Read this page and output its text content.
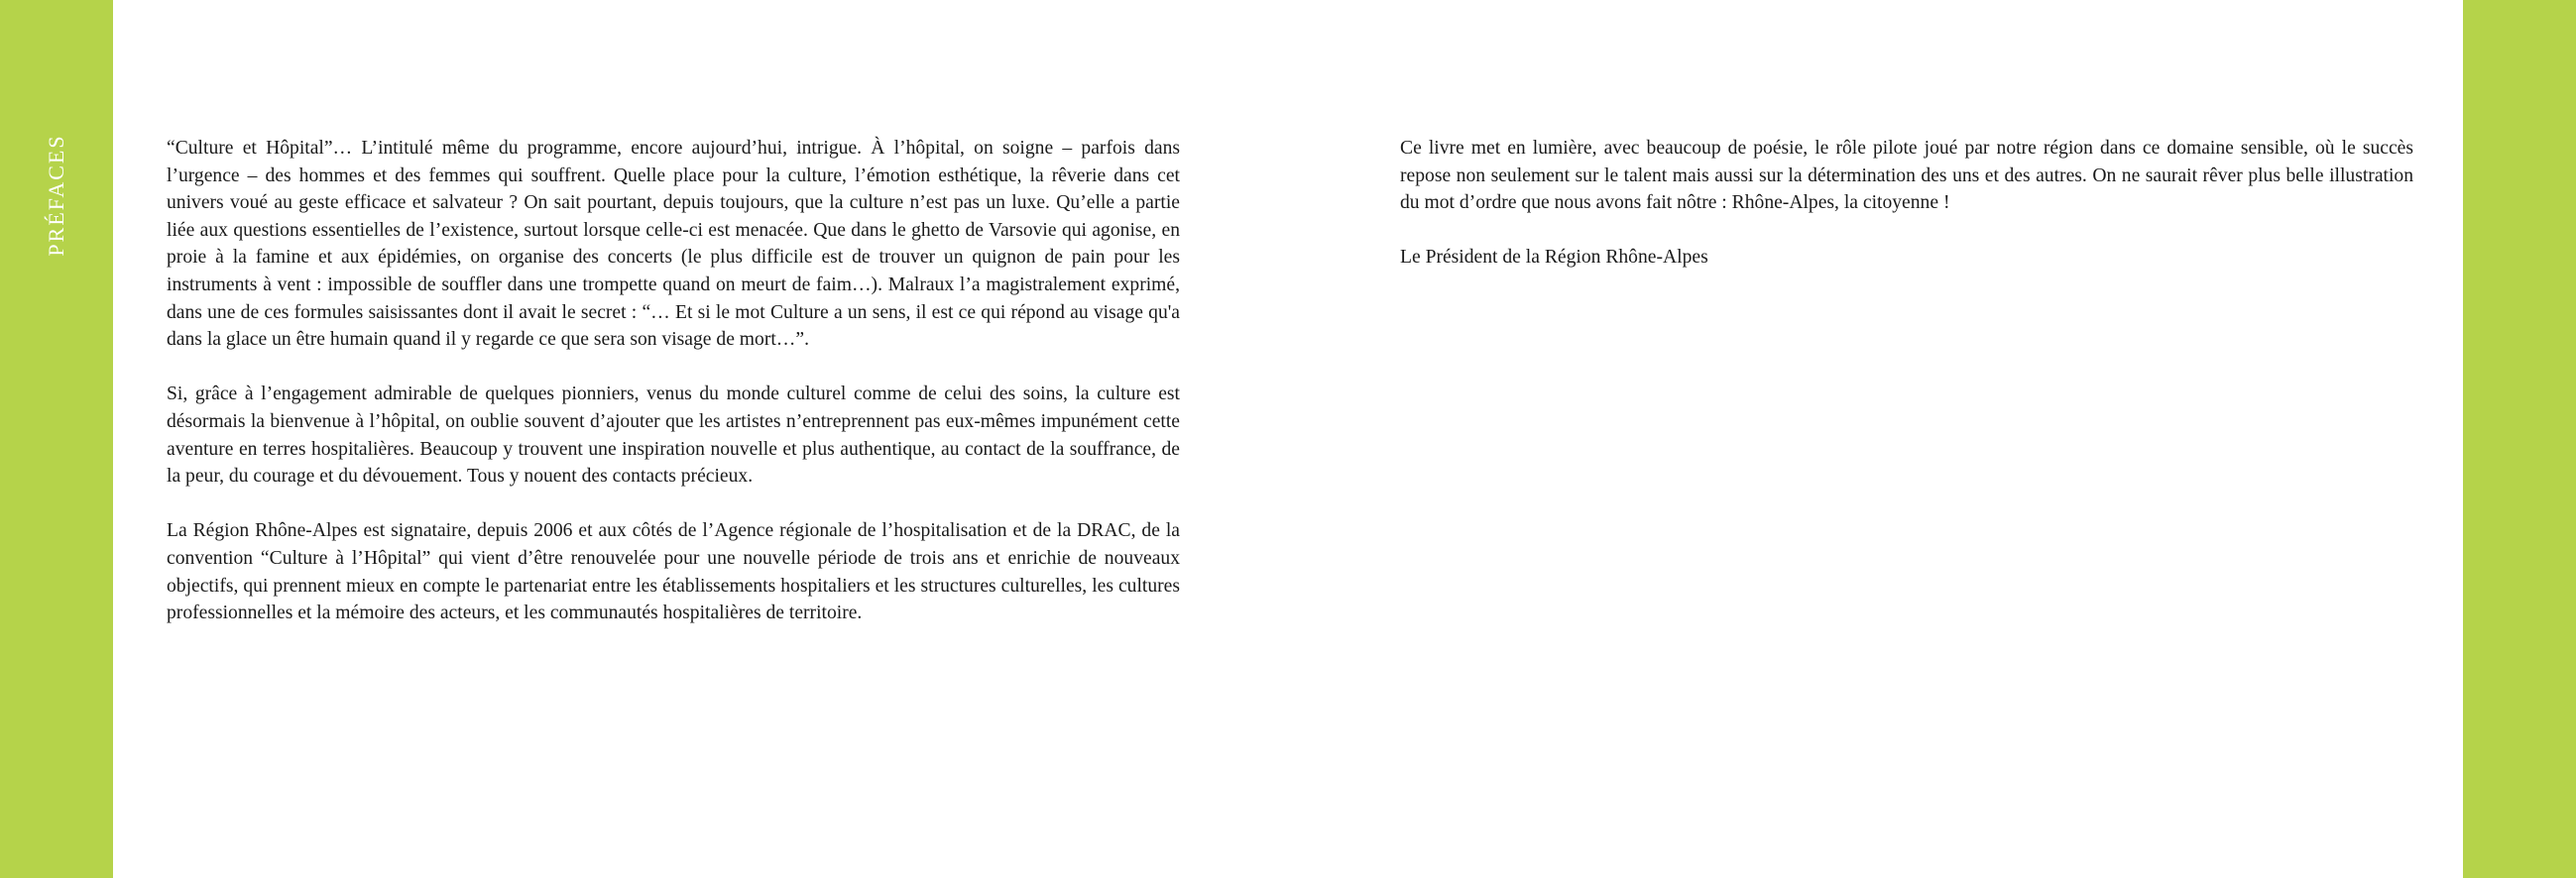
PRÉFACES	“Culture et Hôpital”… L’intitulé même du programme, encore aujourd’hui, intrigue. À l’hôpital, on soigne – parfois dans l’urgence – des hommes et des femmes qui souffrent. Quelle place pour la culture, l’émotion esthétique, la rêverie dans cet univers voué au geste efficace et salvateur ? On sait pourtant, depuis toujours, que la culture n’est pas un luxe. Qu’elle a partie liée aux questions essentielles de l’existence, surtout lorsque celle-ci est menacée. Que dans le ghetto de Varsovie qui agonise, en proie à la famine et aux épidémies, on organise des concerts (le plus difficile est de trouver un quignon de pain pour les instruments à vent : impossible de souffler dans une trompette quand on meurt de faim…). Malraux l’a magistralement exprimé, dans une de ces formules saisissantes dont il avait le secret : “… Et si le mot Culture a un sens, il est ce qui répond au visage qu'a dans la glace un être humain quand il y regarde ce que sera son visage de mort…”.

Si, grâce à l’engagement admirable de quelques pionniers, venus du monde culturel comme de celui des soins, la culture est désormais la bienvenue à l’hôpital, on oublie souvent d’ajouter que les artistes n’entreprennent pas eux-mêmes impunément cette aventure en terres hospitalières. Beaucoup y trouvent une inspiration nouvelle et plus authentique, au contact de la souffrance, de la peur, du courage et du dévouement. Tous y nouent des contacts précieux.

La Région Rhône-Alpes est signataire, depuis 2006 et aux côtés de l’Agence régionale de l’hospitalisation et de la DRAC, de la convention “Culture à l’Hôpital” qui vient d’être renouvelée pour une nouvelle période de trois ans et enrichie de nouveaux objectifs, qui prennent mieux en compte le partenariat entre les établissements hospitaliers et les structures culturelles, les cultures professionnelles et la mémoire des acteurs, et les communautés hospitalières de territoire.

Ce livre met en lumière, avec beaucoup de poésie, le rôle pilote joué par notre région dans ce domaine sensible, où le succès repose non seulement sur le talent mais aussi sur la détermination des uns et des autres. On ne saurait rêver plus belle illustration du mot d’ordre que nous avons fait nôtre : Rhône-Alpes, la citoyenne !

Le Président de la Région Rhône-Alpes
